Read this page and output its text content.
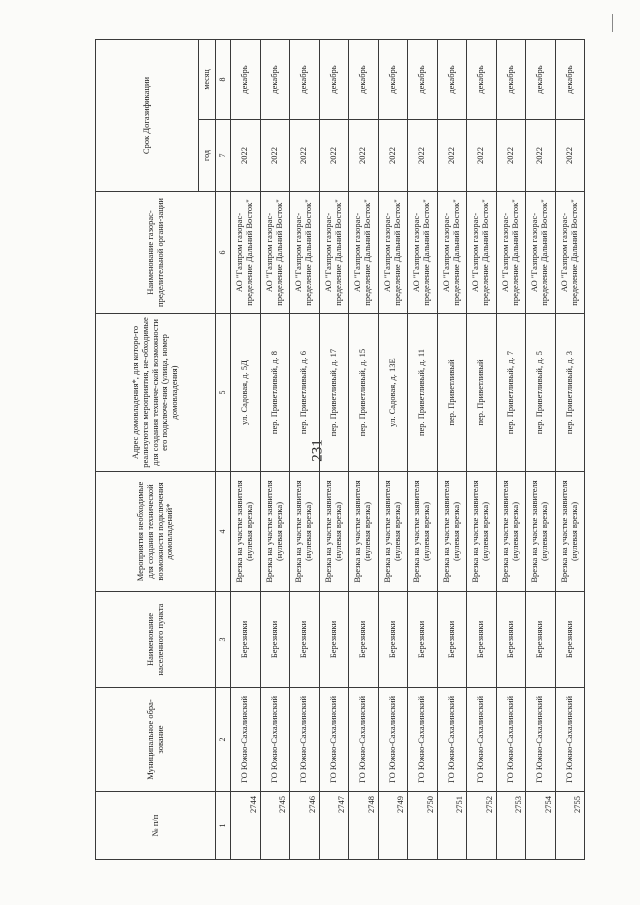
231
№ п/п	Муниципальное обра-зование	Наименование населенного пункта	Мероприятия необходимые для создания технической возможности подключения домовладений*	Адрес домовладения*, для которо-го реализуются мероприятия, не-обходимые для создания техниче-ской возможности его подключе-ния (улица, номер домовладения)	Наименование газорас-пределительной органи-зации	Срок Догазификации	
						год	месяц
1	2	3	4	5	6	7	8
2744	ГО Южно-Сахалинский	Березняки	Врезка на участке заявителя (нулевая врезка)	ул. Садовая, д. 5Д	АО "Газпром газорас-пределение Дальний Восток"	2022	декабрь
2745	ГО Южно-Сахалинский	Березняки	Врезка на участке заявителя (нулевая врезка)	пер. Приветливый, д. 8	АО "Газпром газорас-пределение Дальний Восток"	2022	декабрь
2746	ГО Южно-Сахалинский	Березняки	Врезка на участке заявителя (нулевая врезка)	пер. Приветливый, д. 6	АО "Газпром газорас-пределение Дальний Восток"	2022	декабрь
2747	ГО Южно-Сахалинский	Березняки	Врезка на участке заявителя (нулевая врезка)	пер. Приветливый, д. 17	АО "Газпром газорас-пределение Дальний Восток"	2022	декабрь
2748	ГО Южно-Сахалинский	Березняки	Врезка на участке заявителя (нулевая врезка)	пер. Приветливый, д. 15	АО "Газпром газорас-пределение Дальний Восток"	2022	декабрь
2749	ГО Южно-Сахалинский	Березняки	Врезка на участке заявителя (нулевая врезка)	ул. Садовая, д. 13Е	АО "Газпром газорас-пределение Дальний Восток"	2022	декабрь
2750	ГО Южно-Сахалинский	Березняки	Врезка на участке заявителя (нулевая врезка)	пер. Приветливый, д. 11	АО "Газпром газорас-пределение Дальний Восток"	2022	декабрь
2751	ГО Южно-Сахалинский	Березняки	Врезка на участке заявителя (нулевая врезка)	пер. Приветливый	АО "Газпром газорас-пределение Дальний Восток"	2022	декабрь
2752	ГО Южно-Сахалинский	Березняки	Врезка на участке заявителя (нулевая врезка)	пер. Приветливый	АО "Газпром газорас-пределение Дальний Восток"	2022	декабрь
2753	ГО Южно-Сахалинский	Березняки	Врезка на участке заявителя (нулевая врезка)	пер. Приветливый, д. 7	АО "Газпром газорас-пределение Дальний Восток"	2022	декабрь
2754	ГО Южно-Сахалинский	Березняки	Врезка на участке заявителя (нулевая врезка)	пер. Приветливый, д. 5	АО "Газпром газорас-пределение Дальний Восток"	2022	декабрь
2755	ГО Южно-Сахалинский	Березняки	Врезка на участке заявителя (нулевая врезка)	пер. Приветливый, д. 3	АО "Газпром газорас-пределение Дальний Восток"	2022	декабрь
